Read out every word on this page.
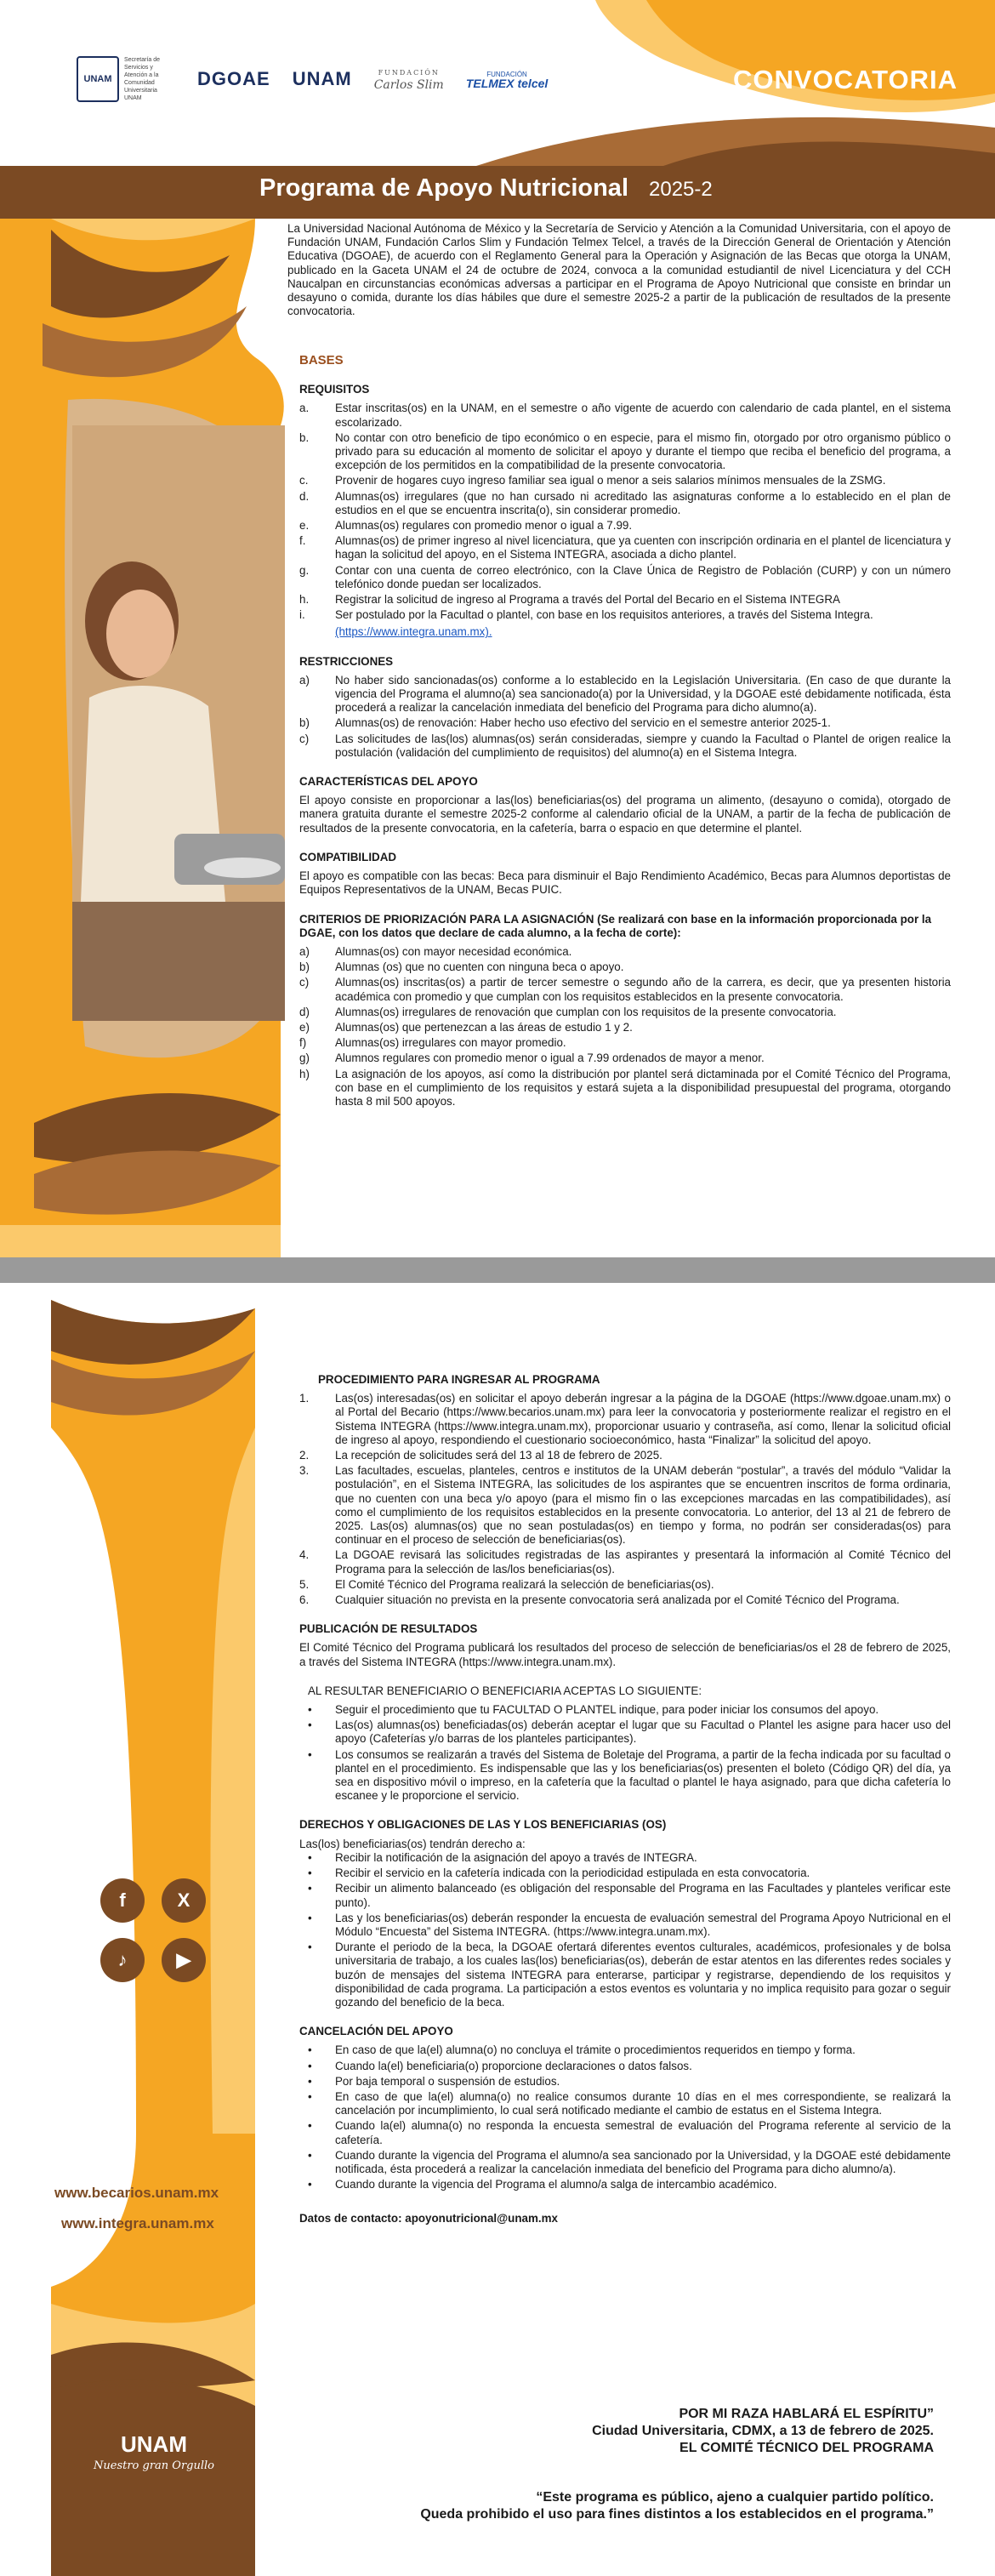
UNAM
Secretaría de Servicios y Atención a la Comunidad Universitaria UNAM
DGOAE UNAM	FUNDACIÓN
Carlos Slim
FUNDACIÓN
TELMEX telcel	CONVOCATORIA
Programa de Apoyo Nutricional 2025-2

La Universidad Nacional Autónoma de México y la Secretaría de Servicio y Atención a la Comunidad Universitaria, con el apoyo de Fundación UNAM, Fundación Carlos Slim y Fundación Telmex Telcel, a través de la Dirección General de Orientación y Atención Educativa (DGOAE), de acuerdo con el Reglamento General para la Operación y Asignación de las Becas que otorga la UNAM, publicado en la Gaceta UNAM el 24 de octubre de 2024, convoca a la comunidad estudiantil de nivel Licenciatura y del CCH Naucalpan en circunstancias económicas adversas a participar en el Programa de Apoyo Nutricional que consiste en brindar un desayuno o comida, durante los días hábiles que dure el semestre 2025-2 a partir de la publicación de resultados de la presente convocatoria.

BASES
REQUISITOS
a. Estar inscritas(os) en la UNAM, en el semestre o año vigente de acuerdo con calendario de cada plantel, en el sistema escolarizado.
b. No contar con otro beneficio de tipo económico o en especie, para el mismo fin, otorgado por otro organismo público o privado para su educación al momento de solicitar el apoyo y durante el tiempo que reciba el beneficio del programa, a excepción de los permitidos en la compatibilidad de la presente convocatoria.
c. Provenir de hogares cuyo ingreso familiar sea igual o menor a seis salarios mínimos mensuales de la ZSMG.
d. Alumnas(os) irregulares (que no han cursado ni acreditado las asignaturas conforme a lo establecido en el plan de estudios en el que se encuentra inscrita(o), sin considerar promedio.
e. Alumnas(os) regulares con promedio menor o igual a 7.99.
f.	Alumnas(os) de primer ingreso al nivel licenciatura, que ya cuenten con inscripción ordinaria en el plantel de licenciatura y hagan la solicitud del apoyo, en el Sistema INTEGRA, asociada a dicho plantel.
g. Contar con una cuenta de correo electrónico, con la Clave Única de Registro de Población (CURP) y con un número telefónico donde puedan ser localizados.
h. Registrar la solicitud de ingreso al Programa a través del Portal del Becario en el Sistema INTEGRA
i.	Ser postulado por la Facultad o plantel, con base en los requisitos anteriores, a través del Sistema Integra.
(https://www.integra.unam.mx).
RESTRICCIONES
a) No haber sido sancionadas(os) conforme a lo establecido en la Legislación Universitaria. (En caso de que durante la vigencia del Programa el alumno(a) sea sancionado(a) por la Universidad, y la DGOAE esté debidamente notificada, ésta procederá a realizar la cancelación inmediata del beneficio del Programa para dicho alumno(a).
b) Alumnas(os) de renovación: Haber hecho uso efectivo del servicio en el semestre anterior 2025-1.
c) Las solicitudes de las(los) alumnas(os) serán consideradas, siempre y cuando la Facultad o Plantel de origen realice la postulación (validación del cumplimiento de requisitos) del alumno(a) en el Sistema Integra.
CARACTERÍSTICAS DEL APOYO

El apoyo consiste en proporcionar a las(los) beneficiarias(os) del programa un alimento, (desayuno o comida), otorgado de manera gratuita durante el semestre 2025-2 conforme al calendario oficial de la UNAM, a partir de la fecha de publicación de resultados de la presente convocatoria, en la cafetería, barra o espacio en que determine el plantel.

COMPATIBILIDAD

El apoyo es compatible con las becas: Beca para disminuir el Bajo Rendimiento Académico, Becas para Alumnos deportistas de Equipos Representativos de la UNAM, Becas PUIC.

CRITERIOS DE PRIORIZACIÓN PARA LA ASIGNACIÓN (Se realizará con base en la información proporcionada por la DGAE, con los datos que declare de cada alumno, a la fecha de corte):
a) Alumnas(os) con mayor necesidad económica.
b) Alumnas (os) que no cuenten con ninguna beca o apoyo.
c) Alumnas(os) inscritas(os) a partir de tercer semestre o segundo año de la carrera, es decir, que ya presenten historia académica con promedio y que cumplan con los requisitos establecidos en la presente convocatoria.
d) Alumnas(os) irregulares de renovación que cumplan con los requisitos de la presente convocatoria.
e) Alumnas(os) que pertenezcan a las áreas de estudio 1 y 2.
f)	Alumnas(os) irregulares con mayor promedio.
g) Alumnos regulares con promedio menor o igual a 7.99 ordenados de mayor a menor.
h) La asignación de los apoyos, así como la distribución por plantel será dictaminada por el Comité Técnico del Programa, con base en el cumplimiento de los requisitos y estará sujeta a la disponibilidad presupuestal del programa, otorgando hasta 8 mil 500 apoyos.
f	X
♪	▶
www.becarios.unam.mx
www.integra.unam.mx
UNAM
Nuestro gran Orgullo
PROCEDIMIENTO PARA INGRESAR AL PROGRAMA
1. Las(os) interesadas(os) en solicitar el apoyo deberán ingresar a la página de la DGOAE (https://www.dgoae.unam.mx) o al Portal del Becario (https://www.becarios.unam.mx) para leer la convocatoria y posteriormente realizar el registro en el Sistema INTEGRA (https://www.integra.unam.mx), proporcionar usuario y contraseña, así como, llenar la solicitud oficial de ingreso al apoyo, respondiendo el cuestionario socioeconómico, hasta “Finalizar” la solicitud del apoyo.
2. La recepción de solicitudes será del 13 al 18 de febrero de 2025.
3. Las facultades, escuelas, planteles, centros e institutos de la UNAM deberán “postular”, a través del módulo “Validar la postulación”, en el Sistema INTEGRA, las solicitudes de los aspirantes que se encuentren inscritos de forma ordinaria, que no cuenten con una beca y/o apoyo (para el mismo fin o las excepciones marcadas en las compatibilidades), así como el cumplimiento de los requisitos establecidos en la presente convocatoria. Lo anterior, del 13 al 21 de febrero de 2025. Las(os) alumnas(os) que no sean postuladas(os) en tiempo y forma, no podrán ser consideradas(os) para continuar en el proceso de selección de beneficiarias(os).
4. La DGOAE revisará las solicitudes registradas de las aspirantes y presentará la información al Comité Técnico del Programa para la selección de las/los beneficiarias(os).
5. El Comité Técnico del Programa realizará la selección de beneficiarias(os).
6. Cualquier situación no prevista en la presente convocatoria será analizada por el Comité Técnico del Programa.
PUBLICACIÓN DE RESULTADOS

El Comité Técnico del Programa publicará los resultados del proceso de selección de beneficiarias/os el 28 de febrero de 2025, a través del Sistema INTEGRA (https://www.integra.unam.mx).

AL RESULTAR BENEFICIARIO O BENEFICIARIA ACEPTAS LO SIGUIENTE:
• Seguir el procedimiento que tu FACULTAD O PLANTEL indique, para poder iniciar los consumos del apoyo.
• Las(os) alumnas(os) beneficiadas(os) deberán aceptar el lugar que su Facultad o Plantel les asigne para hacer uso del apoyo (Cafeterías y/o barras de los planteles participantes).
• Los consumos se realizarán a través del Sistema de Boletaje del Programa, a partir de la fecha indicada por su facultad o plantel en el procedimiento. Es indispensable que las y los beneficiarias(os) presenten el boleto (Código QR) del día, ya sea en dispositivo móvil o impreso, en la cafetería que la facultad o plantel le haya asignado, para que dicha cafetería lo escanee y le proporcione el servicio.
DERECHOS Y OBLIGACIONES DE LAS Y LOS BENEFICIARIAS (OS)
Las(los) beneficiarias(os) tendrán derecho a:
• Recibir la notificación de la asignación del apoyo a través de INTEGRA.
• Recibir el servicio en la cafetería indicada con la periodicidad estipulada en esta convocatoria.
• Recibir un alimento balanceado (es obligación del responsable del Programa en las Facultades y planteles verificar este punto).
• Las y los beneficiarias(os) deberán responder la encuesta de evaluación semestral del Programa Apoyo Nutricional en el Módulo “Encuesta” del Sistema INTEGRA. (https://www.integra.unam.mx).
• Durante el periodo de la beca, la DGOAE ofertará diferentes eventos culturales, académicos, profesionales y de bolsa universitaria de trabajo, a los cuales las(los) beneficiarias(os), deberán de estar atentos en las diferentes redes sociales y buzón de mensajes del sistema INTEGRA para enterarse, participar y registrarse, dependiendo de los requisitos y disponibilidad de cada programa. La participación a estos eventos es voluntaria y no implica requisito para gozar o seguir gozando del beneficio de la beca.
CANCELACIÓN DEL APOYO
• En caso de que la(el) alumna(o) no concluya el trámite o procedimientos requeridos en tiempo y forma.
• Cuando la(el) beneficiaria(o) proporcione declaraciones o datos falsos.
• Por baja temporal o suspensión de estudios.
• En caso de que la(el) alumna(o) no realice consumos durante 10 días en el mes correspondiente, se realizará la cancelación por incumplimiento, lo cual será notificado mediante el cambio de estatus en el Sistema Integra.
• Cuando la(el) alumna(o) no responda la encuesta semestral de evaluación del Programa referente al servicio de la cafetería.
• Cuando durante la vigencia del Programa el alumno/a sea sancionado por la Universidad, y la DGOAE esté debidamente notificada, ésta procederá a realizar la cancelación inmediata del beneficio del Programa para dicho alumno/a).
• Cuando durante la vigencia del Programa el alumno/a salga de intercambio académico.
Datos de contacto: apoyonutricional@unam.mx
POR MI RAZA HABLARÁ EL ESPÍRITU”
Ciudad Universitaria, CDMX, a 13 de febrero de 2025.
EL COMITÉ TÉCNICO DEL PROGRAMA
“Este programa es público, ajeno a cualquier partido político.
Queda prohibido el uso para fines distintos a los establecidos en el programa.”
